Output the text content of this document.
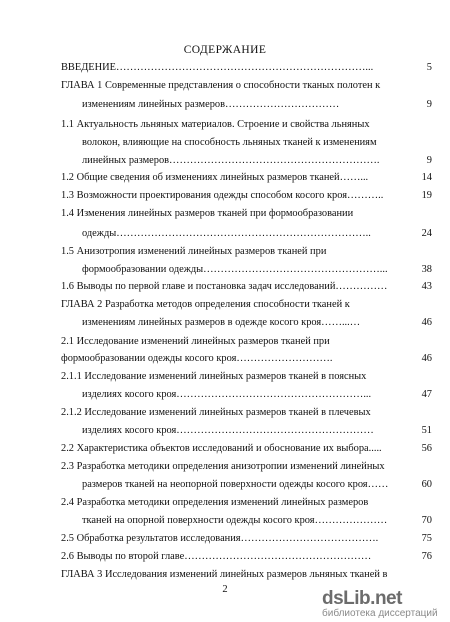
СОДЕРЖАНИЕ
ВВЕДЕНИЕ………………………………………………………………...	5
ГЛАВА 1 Современные представления о способности тканых полотен к
изменениям линейных размеров……………………………	9
1.1 Актуальность льняных материалов. Строение и свойства льняных
волокон, влияющие на способность льняных тканей к изменениям
линейных размеров…………………………………………………….	9
1.2 Общие сведения об изменениях линейных размеров тканей……...	14
1.3 Возможности проектирования одежды способом косого кроя………..	19
1.4 Изменения линейных размеров тканей при формообразовании
одежды………………………………………………………………..	24
1.5 Анизотропия изменений линейных размеров тканей при
формообразовании одежды……………………………………………...	38
1.6 Выводы по первой главе и постановка задач исследований……………	43
ГЛАВА 2 Разработка методов определения способности тканей к
изменениям линейных размеров в одежде косого кроя……...…	46
2.1 Исследование изменений линейных размеров тканей при
формообразовании одежды косого кроя……………………….	46
2.1.1 Исследование изменений линейных размеров тканей в поясных
изделиях косого кроя………………………………………………...	47
2.1.2 Исследование изменений линейных размеров тканей в плечевых
изделиях косого кроя…………………………………………………	51
2.2 Характеристика объектов исследований и обоснование их выбора.....	56
2.3 Разработка методики определения анизотропии изменений линейных
размеров тканей на неопорной поверхности одежды косого кроя……	60
2.4 Разработка методики определения изменений линейных размеров
тканей на опорной поверхности одежды косого кроя…………………	70
2.5 Обработка результатов исследования………………………………….	75
2.6 Выводы по второй главе………………………………………………	76
ГЛАВА 3 Исследования изменений линейных размеров льняных тканей в
2	dsLib.net
библиотека диссертаций
